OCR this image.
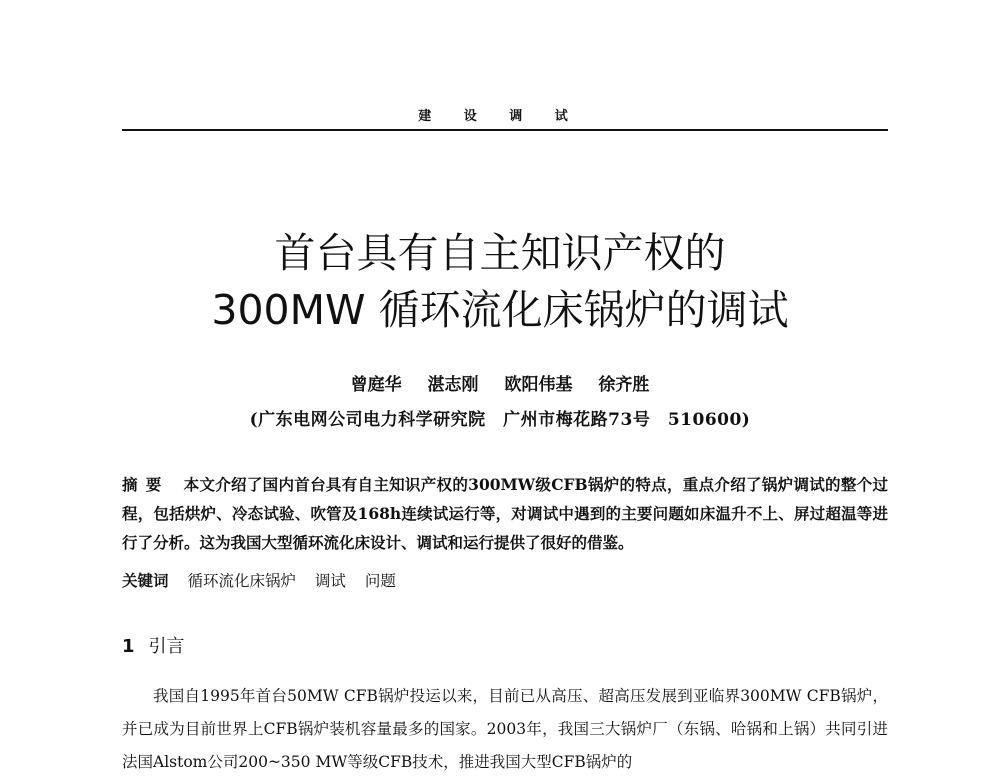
建 设 调 试
首台具有自主知识产权的
300MW 循环流化床锅炉的调试
曾庭华 湛志刚 欧阳伟基 徐齐胜
(广东电网公司电力科学研究院　广州市梅花路73号　510600)
摘要 本文介绍了国内首台具有自主知识产权的300MW级CFB锅炉的特点，重点介绍了锅炉调试的整个过程，包括烘炉、冷态试验、吹管及168h连续试运行等，对调试中遇到的主要问题如床温升不上、屏过超温等进行了分析。这为我国大型循环流化床设计、调试和运行提供了很好的借鉴。
关键词 循环流化床锅炉 调试 问题
1 引言

我国自1995年首台50MW CFB锅炉投运以来，目前已从高压、超高压发展到亚临界300MW CFB锅炉，并已成为目前世界上CFB锅炉装机容量最多的国家。2003年，我国三大锅炉厂（东锅、哈锅和上锅）共同引进法国Alstom公司200~350 MW等级CFB技术，推进我国大型CFB锅炉的
